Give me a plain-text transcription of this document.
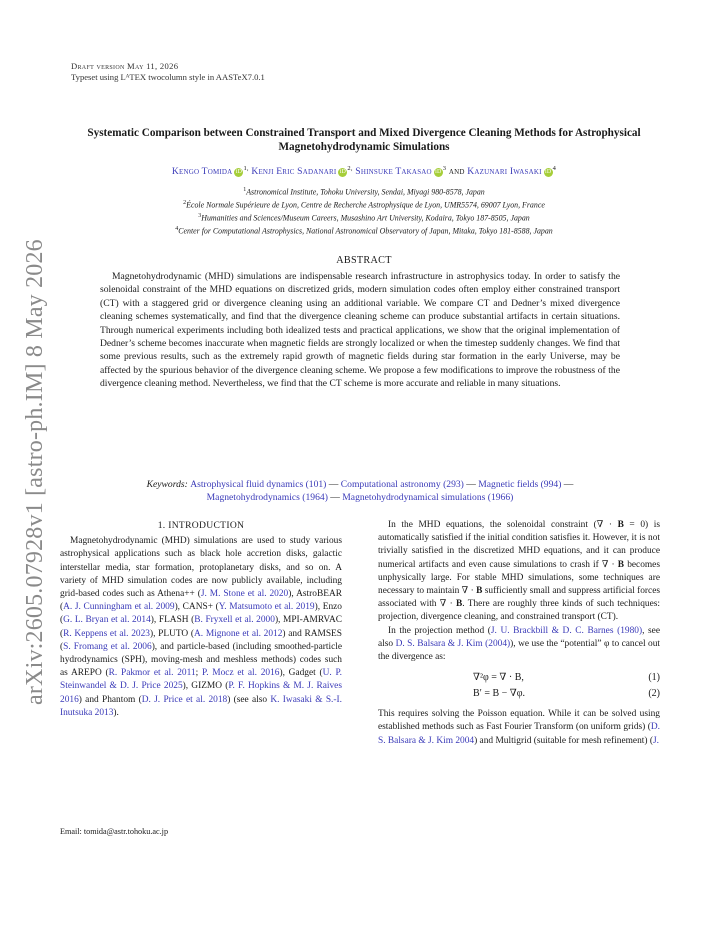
arXiv:2605.07928v1 [astro-ph.IM] 8 May 2026
Draft version May 11, 2026
Typeset using LᴬTEX twocolumn style in AASTeX7.0.1
Systematic Comparison between Constrained Transport and Mixed Divergence Cleaning Methods for Astrophysical Magnetohydrodynamic Simulations
Kengo Tomida $iD^{1,}$ Kenji Eric Sadanari $iD^{2,}$ Shinsuke Takasao $iD^3$ and Kazunari Iwasaki $iD^4$
$^1$Astronomical Institute, Tohoku University, Sendai, Miyagi 980-8578, Japan
$^2$École Normale Supérieure de Lyon, Centre de Recherche Astrophysique de Lyon, UMR5574, 69007 Lyon, France
$^3$Humanities and Sciences/Museum Careers, Musashino Art University, Kodaira, Tokyo 187-8505, Japan
$^4$Center for Computational Astrophysics, National Astronomical Observatory of Japan, Mitaka, Tokyo 181-8588, Japan
ABSTRACT
Magnetohydrodynamic (MHD) simulations are indispensable research infrastructure in astrophysics today. In order to satisfy the solenoidal constraint of the MHD equations on discretized grids, modern simulation codes often employ either constrained transport (CT) with a staggered grid or divergence cleaning using an additional variable. We compare CT and Dedner’s mixed divergence cleaning schemes systematically, and find that the divergence cleaning scheme can produce substantial artifacts in certain situations. Through numerical experiments including both idealized tests and practical applications, we show that the original implementation of Dedner’s scheme becomes inaccurate when magnetic fields are strongly localized or when the timestep suddenly changes. We find that some previous results, such as the extremely rapid growth of magnetic fields during star formation in the early Universe, may be affected by the spurious behavior of the divergence cleaning scheme. We propose a few modifications to improve the robustness of the divergence cleaning method. Nevertheless, we find that the CT scheme is more accurate and reliable in many situations.
Keywords: Astrophysical fluid dynamics (101) — Computational astronomy (293) — Magnetic fields (994) — Magnetohydrodynamics (1964) — Magnetohydrodynamical simulations (1966)
1. INTRODUCTION

Magnetohydrodynamic (MHD) simulations are used to study various astrophysical applications such as black hole accretion disks, galactic interstellar media, star formation, protoplanetary disks, and so on. A variety of MHD simulation codes are now publicly available, including grid-based codes such as Athena++ (J. M. Stone et al. 2020), AstroBEAR (A. J. Cunningham et al. 2009), CANS+ (Y. Matsumoto et al. 2019), Enzo (G. L. Bryan et al. 2014), FLASH (B. Fryxell et al. 2000), MPI-AMRVAC (R. Keppens et al. 2023), PLUTO (A. Mignone et al. 2012) and RAMSES (S. Fromang et al. 2006), and particle-based (including smoothed-particle hydrodynamics (SPH), moving-mesh and meshless methods) codes such as AREPO (R. Pakmor et al. 2011; P. Mocz et al. 2016), Gadget (U. P. Steinwandel & D. J. Price 2025), GIZMO (P. F. Hopkins & M. J. Raives 2016) and Phantom (D. J. Price et al. 2018) (see also K. Iwasaki & S.-I. Inutsuka 2013).

In the MHD equations, the solenoidal constraint (∇ · B = 0) is automatically satisfied if the initial condition satisfies it. However, it is not trivially satisfied in the discretized MHD equations, and it can produce numerical artifacts and even cause simulations to crash if ∇ · B becomes unphysically large. For stable MHD simulations, some techniques are necessary to maintain ∇ · B sufficiently small and suppress artificial forces associated with ∇ · B. There are roughly three kinds of such techniques: projection, divergence cleaning, and constrained transport (CT).

In the projection method (J. U. Brackbill & D. C. Barnes (1980), see also D. S. Balsara & J. Kim (2004)), we use the “potential” φ to cancel out the divergence as:

∇²φ = ∇ · B,	(1)
B′ = B − ∇φ.	(2)

This requires solving the Poisson equation. While it can be solved using established methods such as Fast Fourier Transform (on uniform grids) (D. S. Balsara & J. Kim 2004) and Multigrid (suitable for mesh refinement) (J.

Email: tomida@astr.tohoku.ac.jp
